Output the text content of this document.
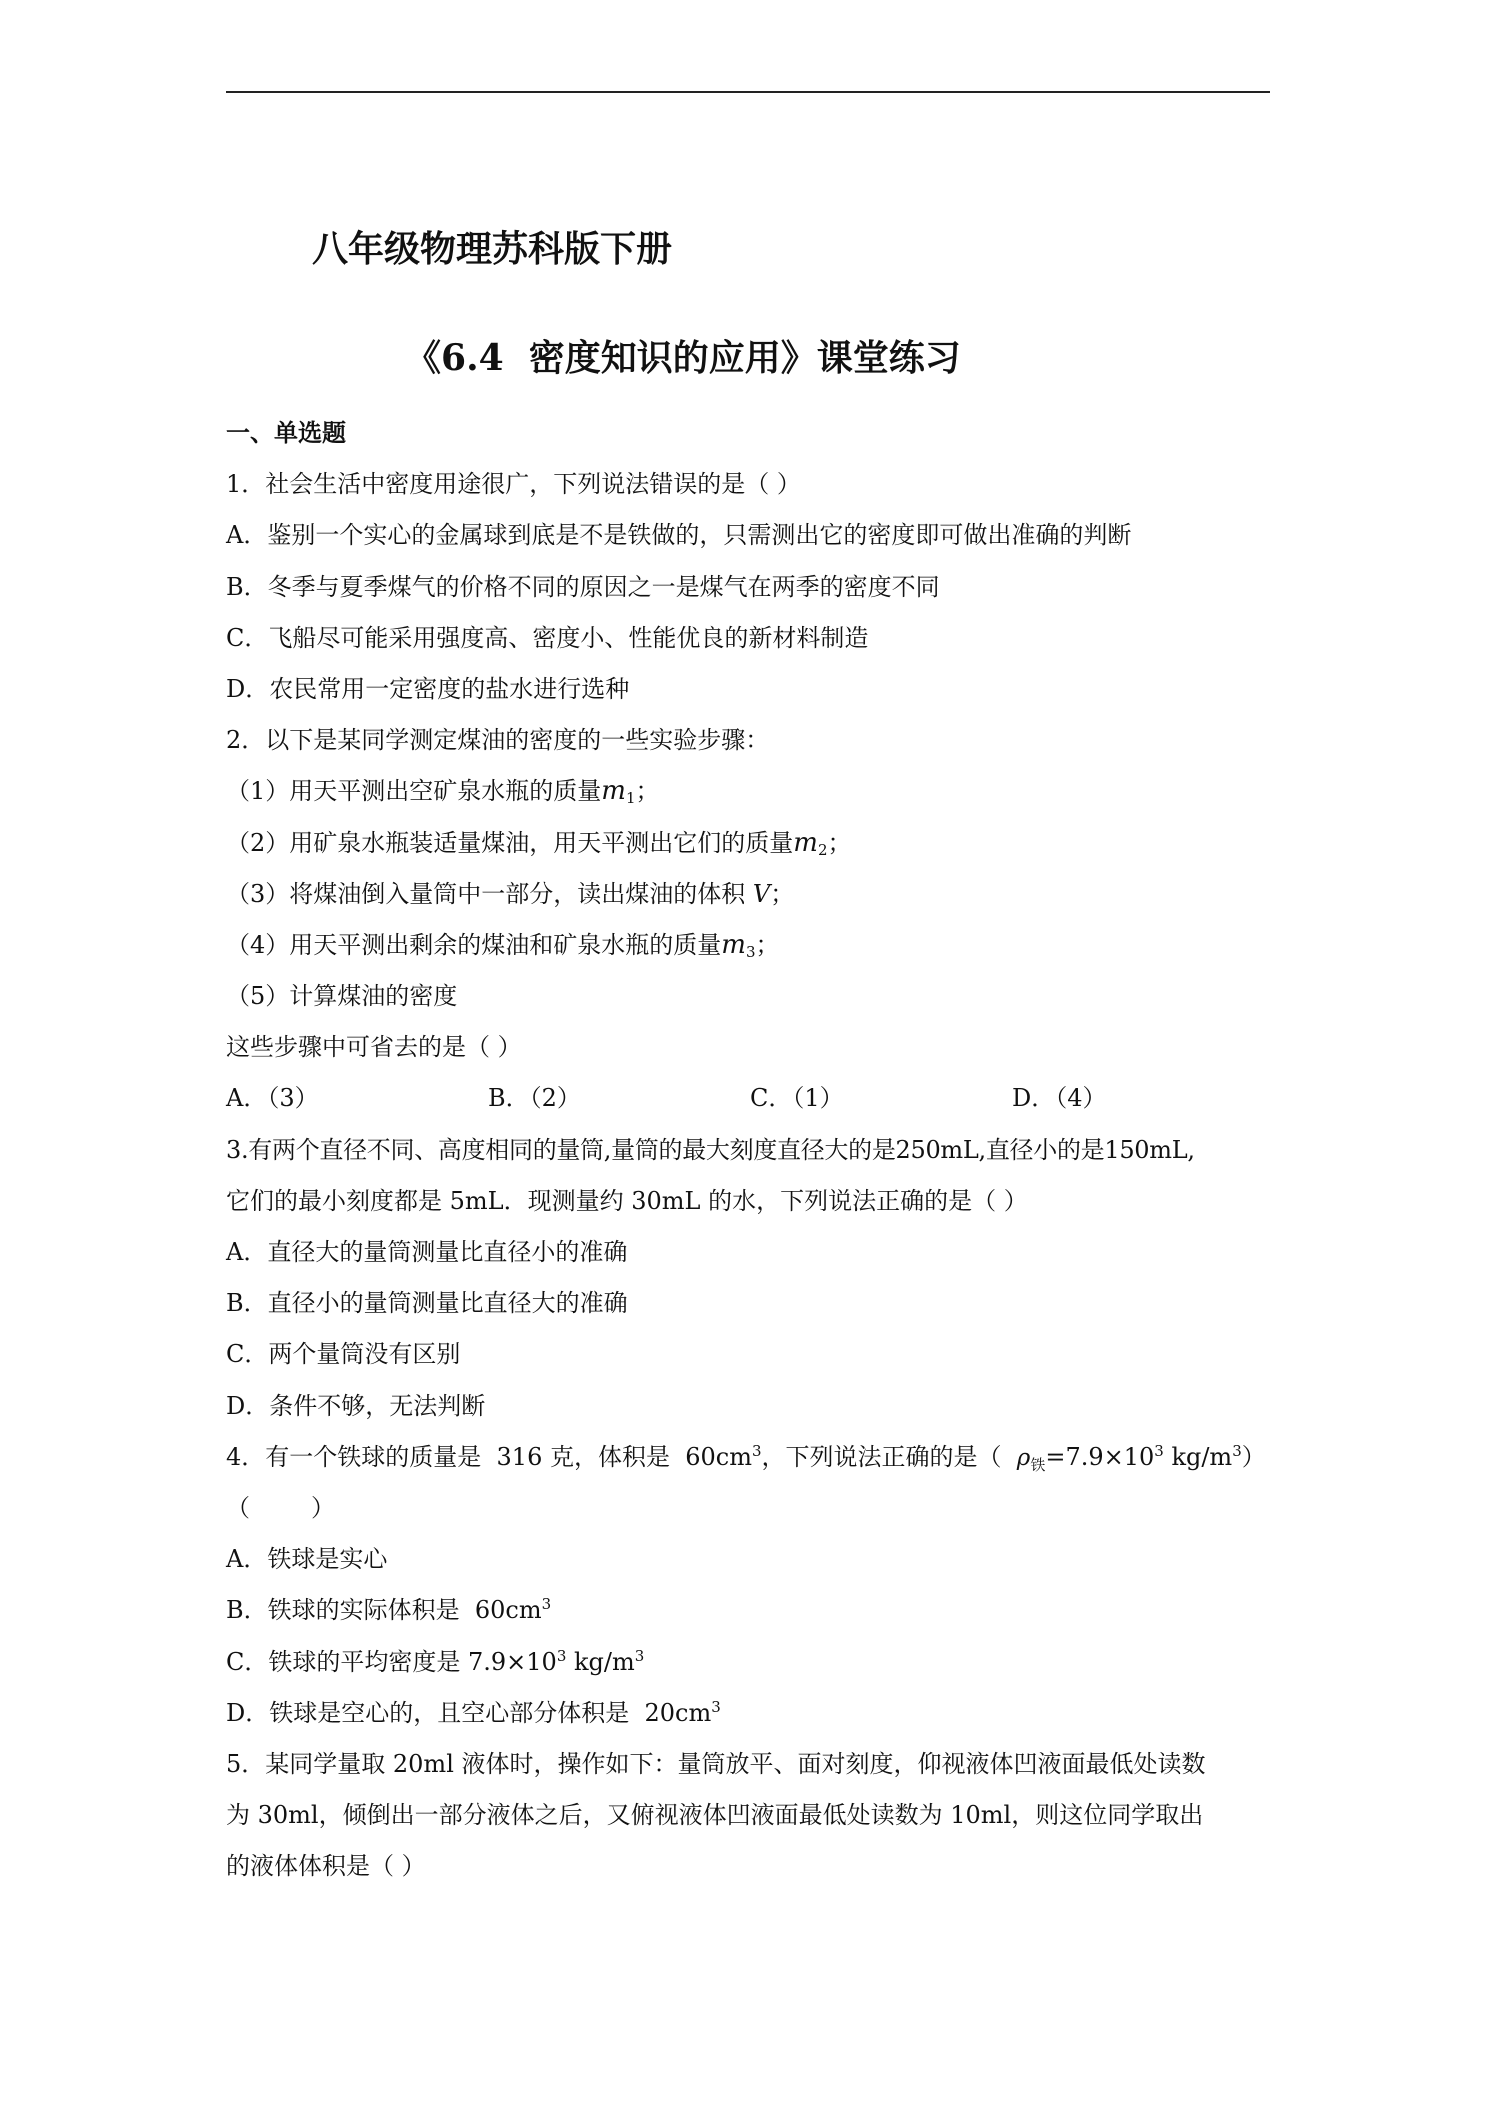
八年级物理苏科版下册
《6.4  密度知识的应用》课堂练习
一、单选题
1．社会生活中密度用途很广，下列说法错误的是（ ）
A．鉴别一个实心的金属球到底是不是铁做的，只需测出它的密度即可做出准确的判断
B．冬季与夏季煤气的价格不同的原因之一是煤气在两季的密度不同
C．飞船尽可能采用强度高、密度小、性能优良的新材料制造
D．农民常用一定密度的盐水进行选种
2．以下是某同学测定煤油的密度的一些实验步骤：
（1）用天平测出空矿泉水瓶的质量$m_1$；
（2）用矿泉水瓶装适量煤油，用天平测出它们的质量$m_2$；
（3）将煤油倒入量筒中一部分，读出煤油的体积 V；
（4）用天平测出剩余的煤油和矿泉水瓶的质量$m_3$；
（5）计算煤油的密度
这些步骤中可省去的是（ ）
A．（3）	B．（2）	C．（1）	D．（4）
3.有两个直径不同、高度相同的量筒,量筒的最大刻度直径大的是250mL,直径小的是150mL,
它们的最小刻度都是 5mL．现测量约 30mL 的水，下列说法正确的是（ ）
A．直径大的量筒测量比直径小的准确
B．直径小的量筒测量比直径大的准确
C．两个量筒没有区别
D．条件不够，无法判断
4．有一个铁球的质量是  316 克，体积是  $60cm^3$，下列说法正确的是（  $\rho_铁=7.9\times 10^3$ $kg/m^3$）
（        ）
A．铁球是实心
B．铁球的实际体积是  $60cm^3$
C．铁球的平均密度是 $7.9\times 10^3$ $kg/m^3$
D．铁球是空心的，且空心部分体积是  $20cm^3$
5．某同学量取 20ml 液体时，操作如下：量筒放平、面对刻度，仰视液体凹液面最低处读数
为 30ml，倾倒出一部分液体之后，又俯视液体凹液面最低处读数为 10ml，则这位同学取出
的液体体积是（ ）
